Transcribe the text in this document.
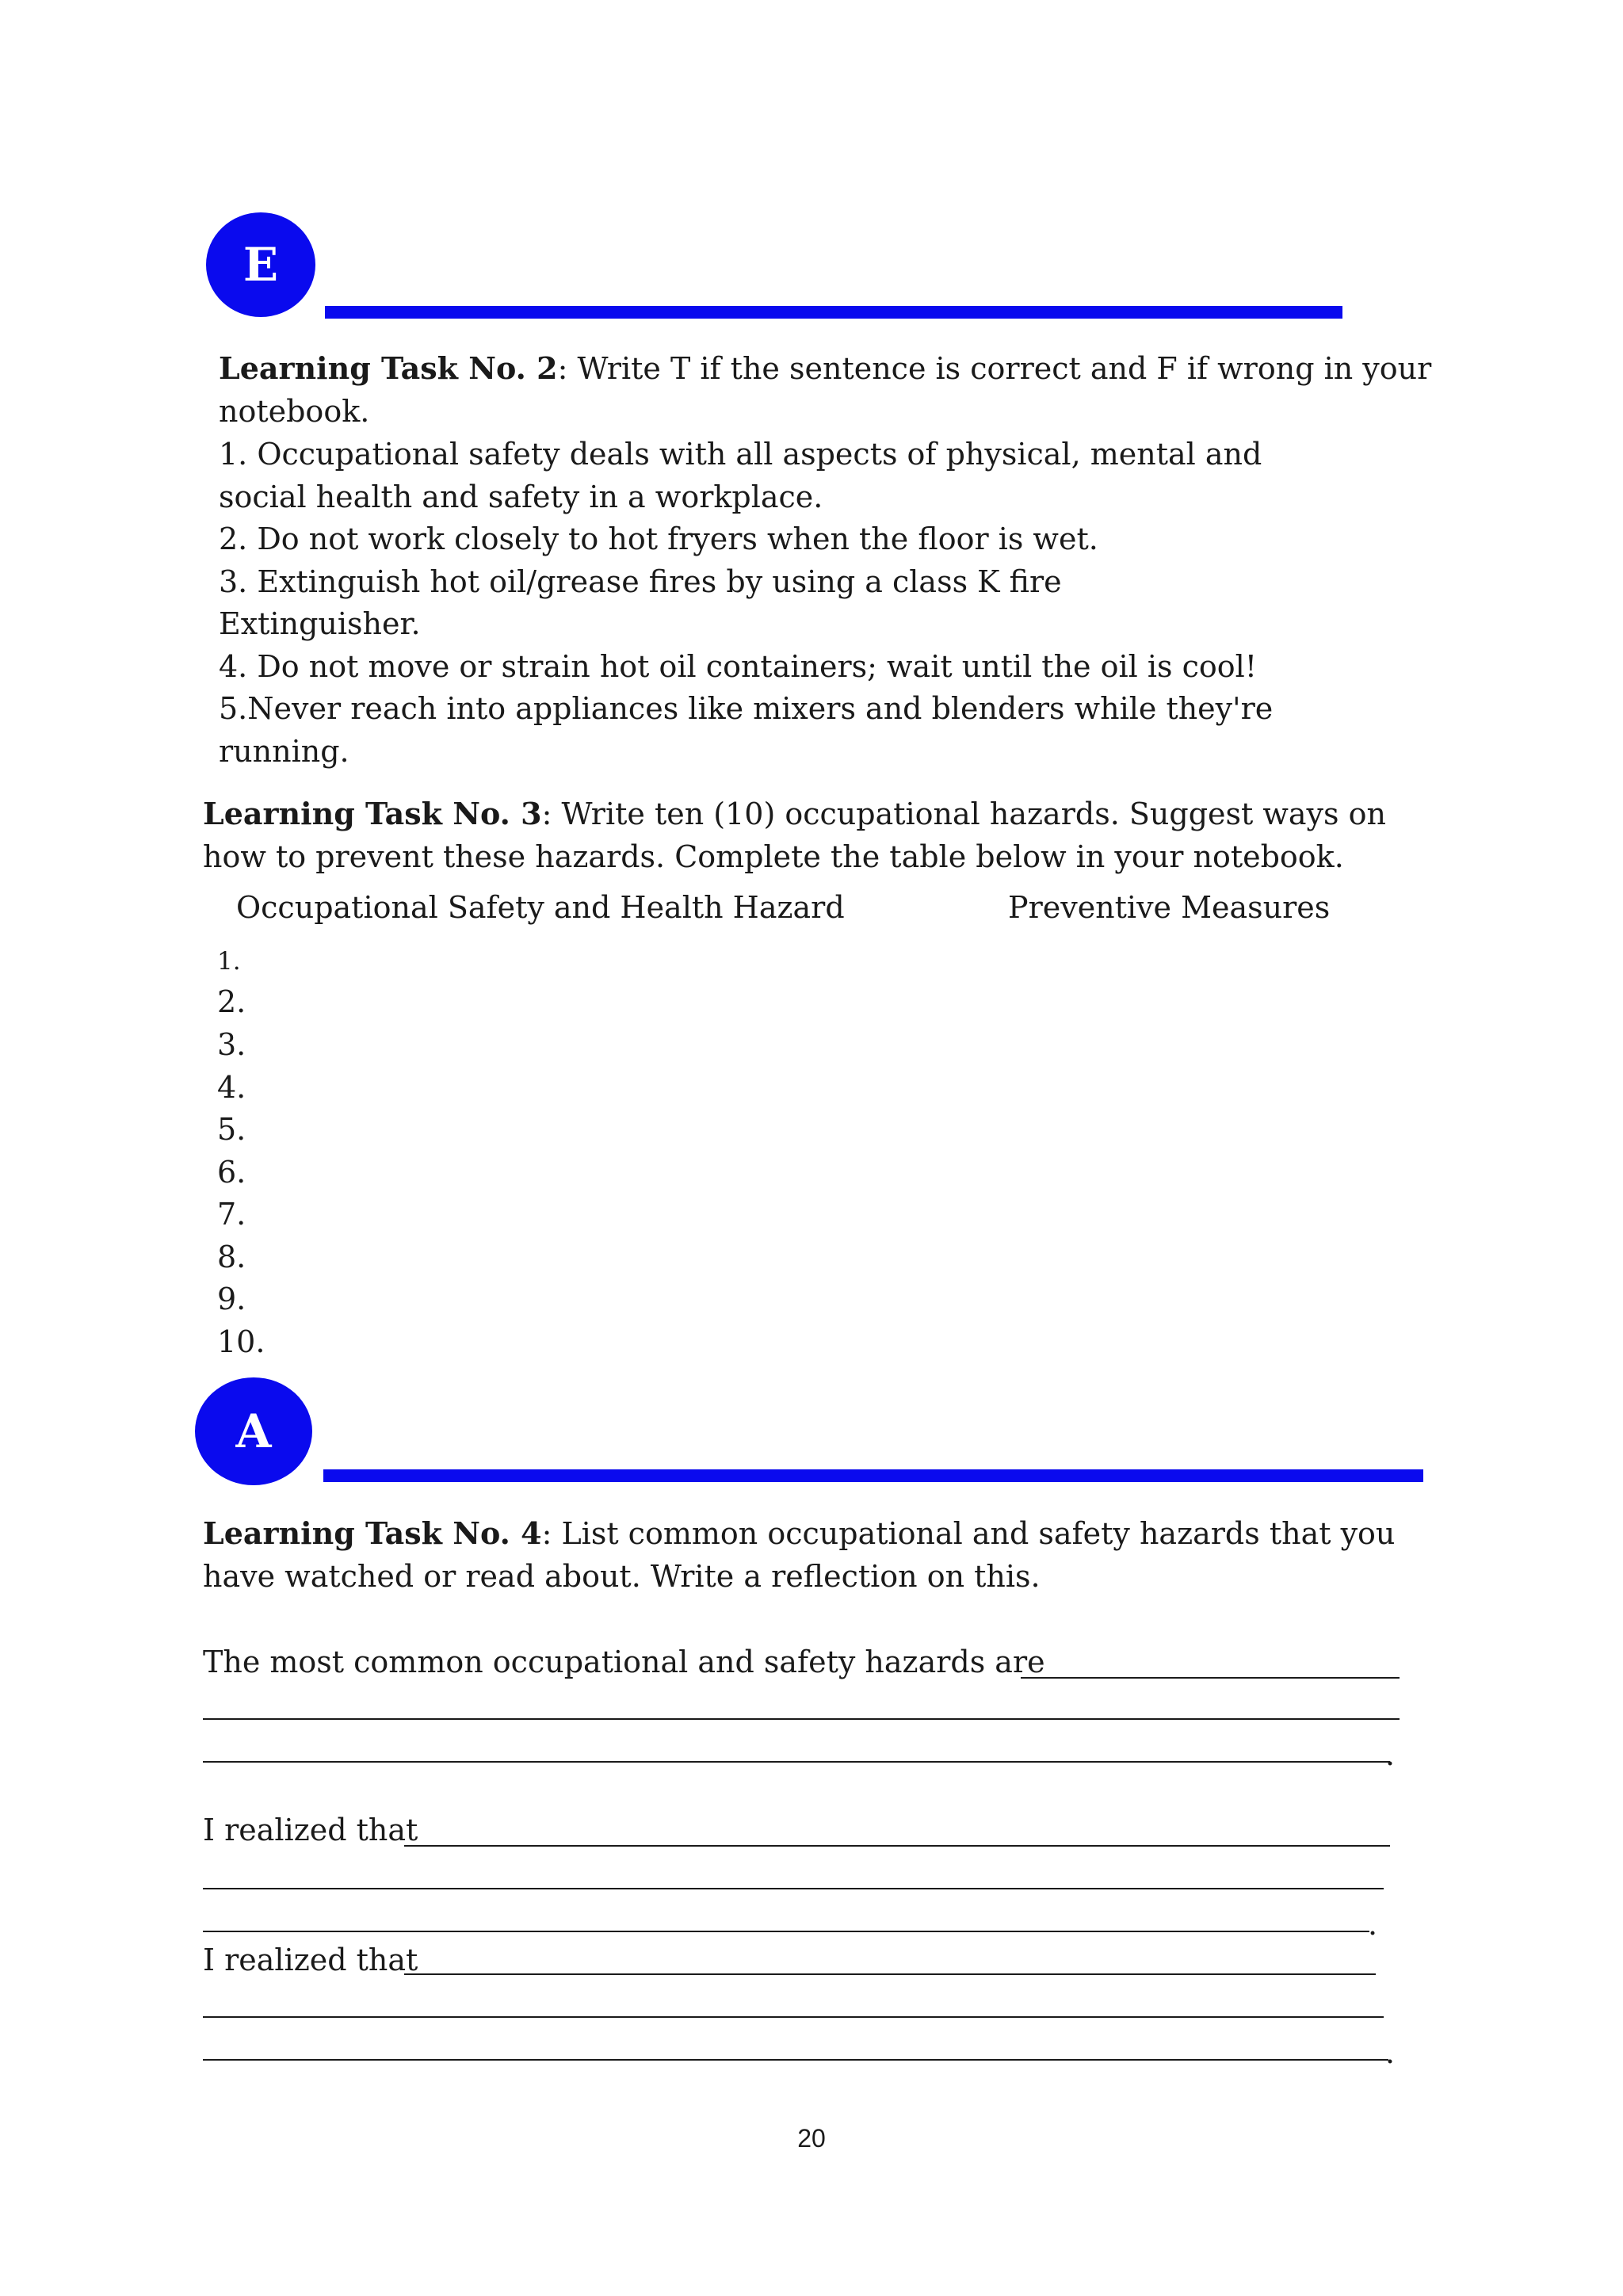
E
Learning Task No. 2: Write T if the sentence is correct and F if wrong in your
notebook.
1. Occupational safety deals with all aspects of physical, mental and
social health and safety in a workplace.
2. Do not work closely to hot fryers when the floor is wet.
3. Extinguish hot oil/grease fires by using a class K fire
Extinguisher.
4. Do not move or strain hot oil containers; wait until the oil is cool!
5.Never reach into appliances like mixers and blenders while they're
running.
Learning Task No. 3: Write ten (10) occupational hazards. Suggest ways on
how to prevent these hazards. Complete the table below in your notebook.
Occupational Safety and Health Hazard	Preventive Measures
1.
2.
3.
4.
5.
6.
7.
8.
9.
10.
A
Learning Task No. 4: List common occupational and safety hazards that you
have watched or read about. Write a reflection on this.
The most common occupational and safety hazards are
.
I realized that
.
I realized that
.
20
